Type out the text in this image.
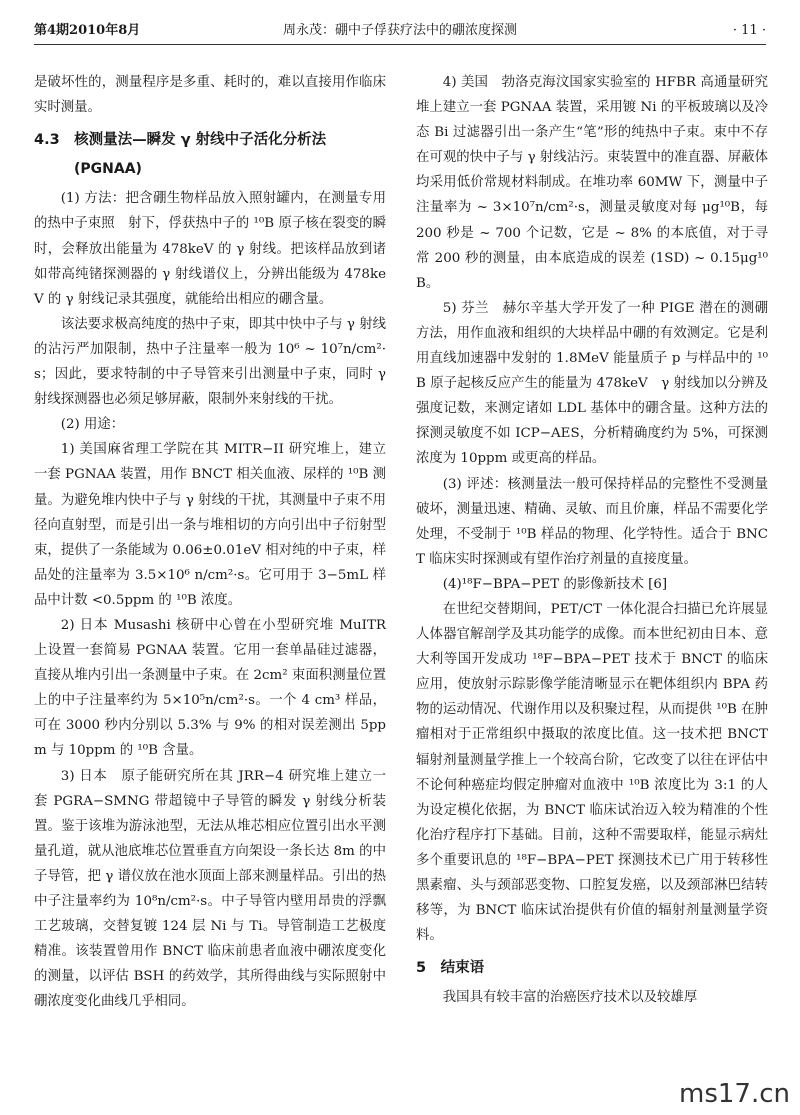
第4期2010年8月	周永茂：硼中子俘获疗法中的硼浓度探测	· 11 ·

是破坏性的，测量程序是多重、耗时的，难以直接用作临床实时测量。

4.3　核测量法—瞬发 γ 射线中子活化分析法

(PGNAA)

(1) 方法：把含硼生物样品放入照射罐内，在测量专用的热中子束照　射下，俘获热中子的 ¹⁰B 原子核在裂变的瞬时，会释放出能量为 478keV 的 γ 射线。把该样品放到诸如带高纯锗探测器的 γ 射线谱仪上，分辨出能级为 478keV 的 γ 射线记录其强度，就能给出相应的硼含量。

该法要求极高纯度的热中子束，即其中快中子与 γ 射线的沾污严加限制，热中子注量率一般为 10⁶ ~ 10⁷n/cm²·s；因此，要求特制的中子导管来引出测量中子束，同时 γ 射线探测器也必须足够屏蔽，限制外来射线的干扰。

(2) 用途：

1) 美国麻省理工学院在其 MITR−II 研究堆上，建立一套 PGNAA 装置，用作 BNCT 相关血液、尿样的 ¹⁰B 测量。为避免堆内快中子与 γ 射线的干扰，其测量中子束不用径向直射型，而是引出一条与堆相切的方向引出中子衍射型束，提供了一条能域为 0.06±0.01eV 相对纯的中子束，样品处的注量率为 3.5×10⁶ n/cm²·s。它可用于 3−5mL 样品中计数 <0.5ppm 的 ¹⁰B 浓度。

2) 日本 Musashi 核研中心曾在小型研究堆 MuITR 上设置一套简易 PGNAA 装置。它用一套单晶硅过滤器，直接从堆内引出一条测量中子束。在 2cm² 束面积测量位置上的中子注量率约为 5×10⁵n/cm²·s。一个 4 cm³ 样品，可在 3000 秒内分别以 5.3% 与 9% 的相对误差测出 5ppm 与 10ppm 的 ¹⁰B 含量。

3) 日本　原子能研究所在其 JRR−4 研究堆上建立一套 PGRA−SMNG 带超镜中子导管的瞬发 γ 射线分析装置。鉴于该堆为游泳池型，无法从堆芯相应位置引出水平测量孔道，就从池底堆芯位置垂直方向架设一条长达 8m 的中子导管，把 γ 谱仪放在池水顶面上部来测量样品。引出的热中子注量率约为 10⁸n/cm²·s。中子导管内壁用昂贵的浮飘工艺玻璃，交替复镀 124 层 Ni 与 Ti。导管制造工艺极度精准。该装置曾用作 BNCT 临床前患者血液中硼浓度变化的测量，以评估 BSH 的药效学，其所得曲线与实际照射中硼浓度变化曲线几乎相同。

4) 美国　勃洛克海汶国家实验室的 HFBR 高通量研究堆上建立一套 PGNAA 装置，采用镀 Ni 的平板玻璃以及冷态 Bi 过滤器引出一条产生“笔”形的纯热中子束。束中不存在可观的快中子与 γ 射线沾污。束装置中的准直器、屏蔽体均采用低价常规材料制成。在堆功率 60MW 下，测量中子注量率为 ~ 3×10⁷n/cm²·s，测量灵敏度对每 μg¹⁰B，每 200 秒是 ~ 700 个记数，它是 ~ 8% 的本底值，对于寻常 200 秒的测量，由本底造成的误差 (1SD) ~ 0.15μg¹⁰B。

5) 芬兰　赫尔辛基大学开发了一种 PIGE 潜在的测硼方法，用作血液和组织的大块样品中硼的有效测定。它是利用直线加速器中发射的 1.8MeV 能量质子 p 与样品中的 ¹⁰B 原子起核反应产生的能量为 478keV　γ 射线加以分辨及强度记数，来测定诸如 LDL 基体中的硼含量。这种方法的探测灵敏度不如 ICP−AES，分析精确度约为 5%，可探测浓度为 10ppm 或更高的样品。

(3) 评述：核测量法一般可保持样品的完整性不受测量破坏，测量迅速、精确、灵敏、而且价廉，样品不需要化学处理，不受制于 ¹⁰B 样品的物理、化学特性。适合于 BNCT 临床实时探测或有望作治疗剂量的直接度量。

(4)¹⁸F−BPA−PET 的影像新技术 [6]

在世纪交替期间，PET/CT 一体化混合扫描已允许展显人体器官解剖学及其功能学的成像。而本世纪初由日本、意大利等国开发成功 ¹⁸F−BPA−PET 技术于 BNCT 的临床应用，使放射示踪影像学能清晰显示在靶体组织内 BPA 药物的运动情况、代谢作用以及积聚过程，从而提供 ¹⁰B 在肿瘤相对于正常组织中摄取的浓度比值。这一技术把 BNCT 辐射剂量测量学推上一个较高台阶，它改变了以往在评估中不论何种癌症均假定肿瘤对血液中 ¹⁰B 浓度比为 3:1 的人为设定模化依据，为 BNCT 临床试治迈入较为精准的个性化治疗程序打下基础。目前，这种不需要取样，能显示病灶多个重要讯息的 ¹⁸F−BPA−PET 探测技术已广用于转移性黑素瘤、头与颈部恶变物、口腔复发癌，以及颈部淋巴结转移等，为 BNCT 临床试治提供有价值的辐射剂量测量学资料。

5　结束语

我国具有较丰富的治癌医疗技术以及较雄厚

ms17.cn
